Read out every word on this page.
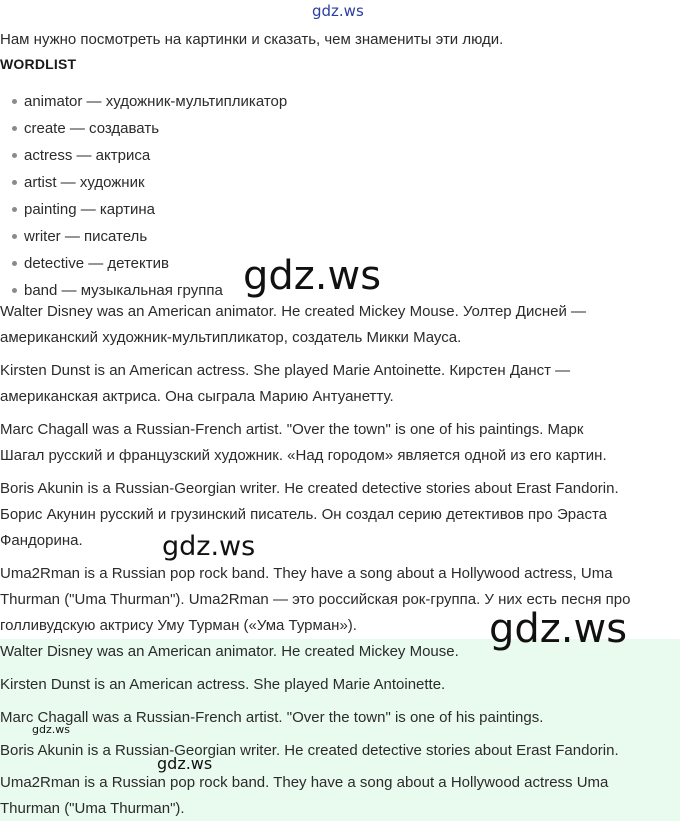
Walter Disney was an American animator. He created Mickey Mouse.
Kirsten Dunst is an American actress. She played Marie Antoinette.
Marc Chagall was a Russian-French artist. "Over the town" is one of his paintings.
Boris Akunin is a Russian-Georgian writer. He created detective stories about Erast Fandorin.
Uma2Rman is a Russian pop rock band. They have a song about a Hollywood actress Uma
Thurman ("Uma Thurman").
Нам нужно посмотреть на картинки и сказать, чем знамениты эти люди.
WORDLIST
animator — художник-мультипликатор
create — создавать
actress — актриса
artist — художник
painting — картина
writer — писатель
detective — детектив
band — музыкальная группа

Walter Disney was an American animator. He created Mickey Mouse. Уолтер Дисней —
американский художник-мультипликатор, создатель Микки Мауса.

Kirsten Dunst is an American actress. She played Marie Antoinette. Кирстен Данст —
американская актриса. Она сыграла Марию Антуанетту.

Marc Chagall was a Russian-French artist. "Over the town" is one of his paintings. Марк
Шагал русский и французский художник. «Над городом» является одной из его картин.

Boris Akunin is a Russian-Georgian writer. He created detective stories about Erast Fandorin.
Борис Акунин русский и грузинский писатель. Он создал серию детективов про Эраста
Фандорина.

Uma2Rman is a Russian pop rock band. They have a song about a Hollywood actress, Uma
Thurman ("Uma Thurman"). Uma2Rman — это российская рок-группа. У них есть песня про
голливудскую актрису Уму Турман («Ума Турман»).

gdz.ws
gdz.ws
gdz.ws
gdz.ws
gdz.ws
gdz.ws
